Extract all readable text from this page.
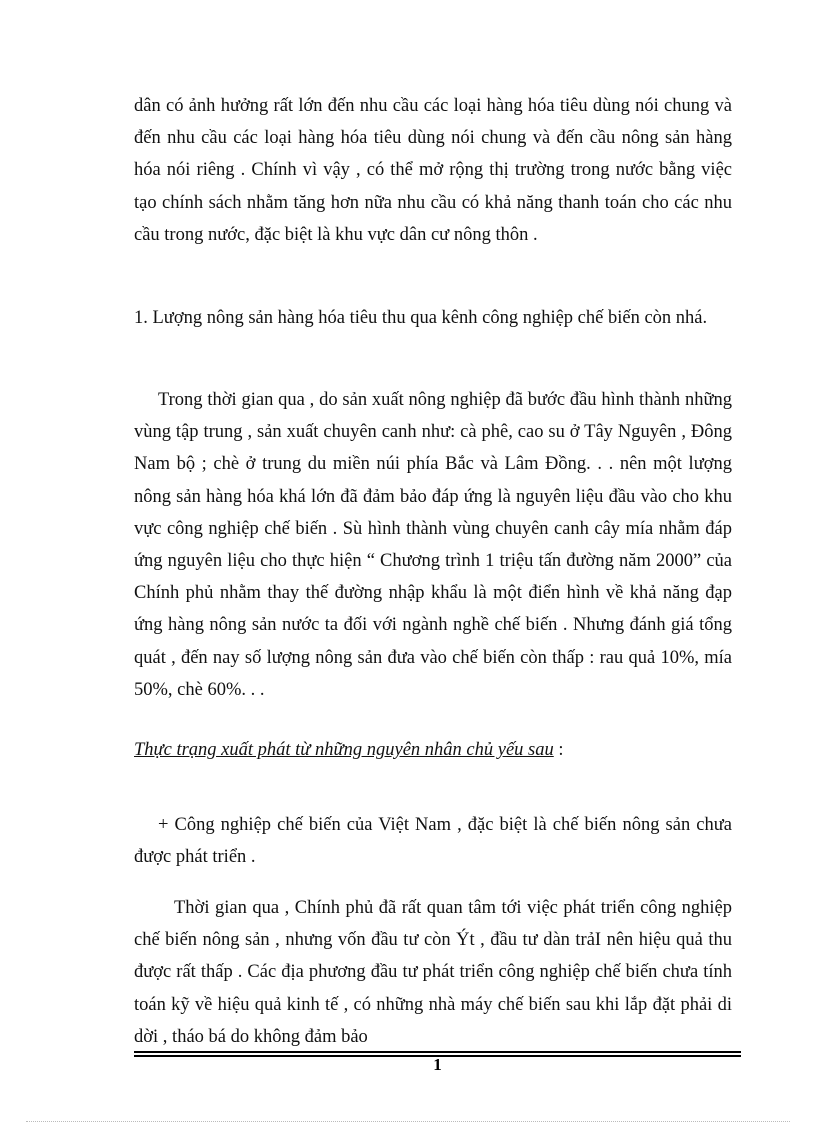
dân có ảnh hưởng rất lớn đến nhu cầu các loại hàng hóa tiêu dùng nói chung và đến nhu cầu các loại hàng hóa tiêu dùng nói chung và đến cầu nông sản hàng hóa nói riêng . Chính vì vậy , có thể mở rộng thị trường trong nước bằng việc tạo chính sách nhằm tăng hơn nữa nhu cầu có khả năng thanh toán cho các nhu cầu trong nước, đặc biệt là khu vực dân cư nông thôn .

1. Lượng nông sản hàng hóa tiêu thu qua kênh công nghiệp chế biến còn nhá.

Trong thời gian qua , do sản xuất nông nghiệp đã bước đầu hình thành những vùng tập trung , sản xuất chuyên canh như: cà phê, cao su ở Tây Nguyên , Đông Nam bộ ; chè ở trung du miền núi phía Bắc và Lâm Đồng. . . nên một lượng nông sản hàng hóa khá lớn đã đảm bảo đáp ứng là nguyên liệu đầu vào cho khu vực công nghiệp chế biến . Sù hình thành vùng chuyên canh cây mía nhằm đáp ứng nguyên liệu cho thực hiện “ Chương trình 1 triệu tấn đường năm 2000” của Chính phủ nhằm thay thế đường nhập khẩu là một điển hình về khả năng đạp ứng hàng nông sản nước ta đối với ngành nghề chế biến . Nhưng đánh giá tổng quát , đến nay số lượng nông sản đưa vào chế biến còn thấp : rau quả 10%, mía 50%, chè 60%. . .

Thực trạng xuất phát từ những nguyên nhân chủ yếu sau :

+ Công nghiệp chế biến của Việt Nam , đặc biệt là chế biến nông sản chưa được phát triển .

Thời gian qua , Chính phủ đã rất quan tâm tới việc phát triển công nghiệp chế biến nông sản , nhưng vốn đầu tư còn Ýt , đầu tư dàn trảI nên hiệu quả thu được rất thấp . Các địa phương đầu tư phát triển công nghiệp chế biến chưa tính toán kỹ về hiệu quả kinh tế , có những nhà máy chế biến sau khi lắp đặt phải di dời , tháo bá do không đảm bảo

1
